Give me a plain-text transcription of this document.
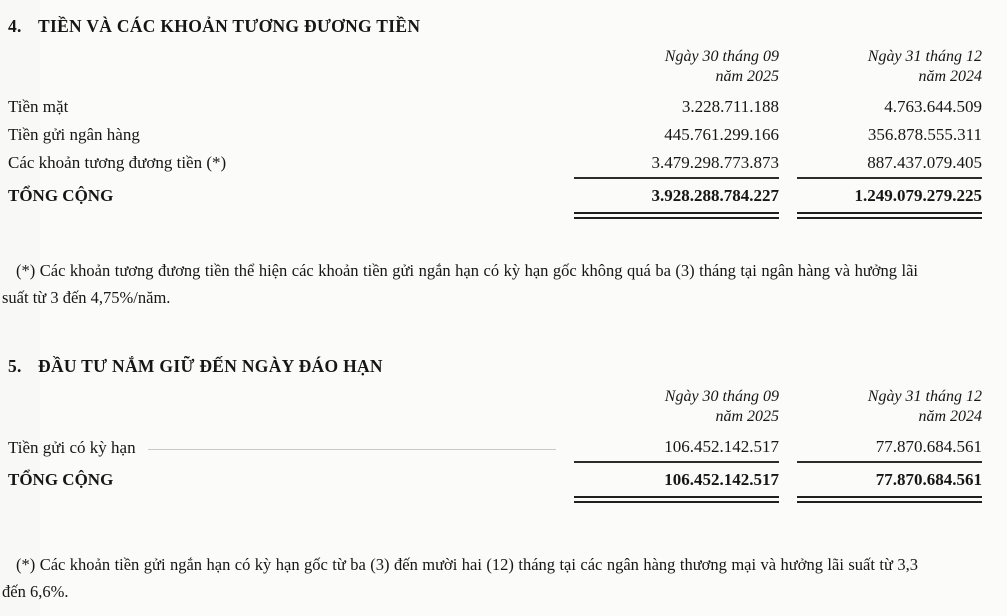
4. TIỀN VÀ CÁC KHOẢN TƯƠNG ĐƯƠNG TIỀN
Ngày 30 tháng 09
năm 2025
Ngày 31 tháng 12
năm 2024
Tiền mặt	3.228.711.188	4.763.644.509
Tiền gửi ngân hàng	445.761.299.166	356.878.555.311
Các khoản tương đương tiền (*)	3.479.298.773.873	887.437.079.405
TỔNG CỘNG	3.928.288.784.227	1.249.079.279.225

(*) Các khoản tương đương tiền thể hiện các khoản tiền gửi ngắn hạn có kỳ hạn gốc không quá ba (3) tháng tại ngân hàng và hưởng lãi suất từ 3 đến 4,75%/năm.

5. ĐẦU TƯ NẮM GIỮ ĐẾN NGÀY ĐÁO HẠN
Ngày 30 tháng 09
năm 2025
Ngày 31 tháng 12
năm 2024
Tiền gửi có kỳ hạn	106.452.142.517	77.870.684.561
TỔNG CỘNG	106.452.142.517	77.870.684.561

(*) Các khoản tiền gửi ngắn hạn có kỳ hạn gốc từ ba (3) đến mười hai (12) tháng tại các ngân hàng thương mại và hưởng lãi suất từ 3,3 đến 6,6%.
